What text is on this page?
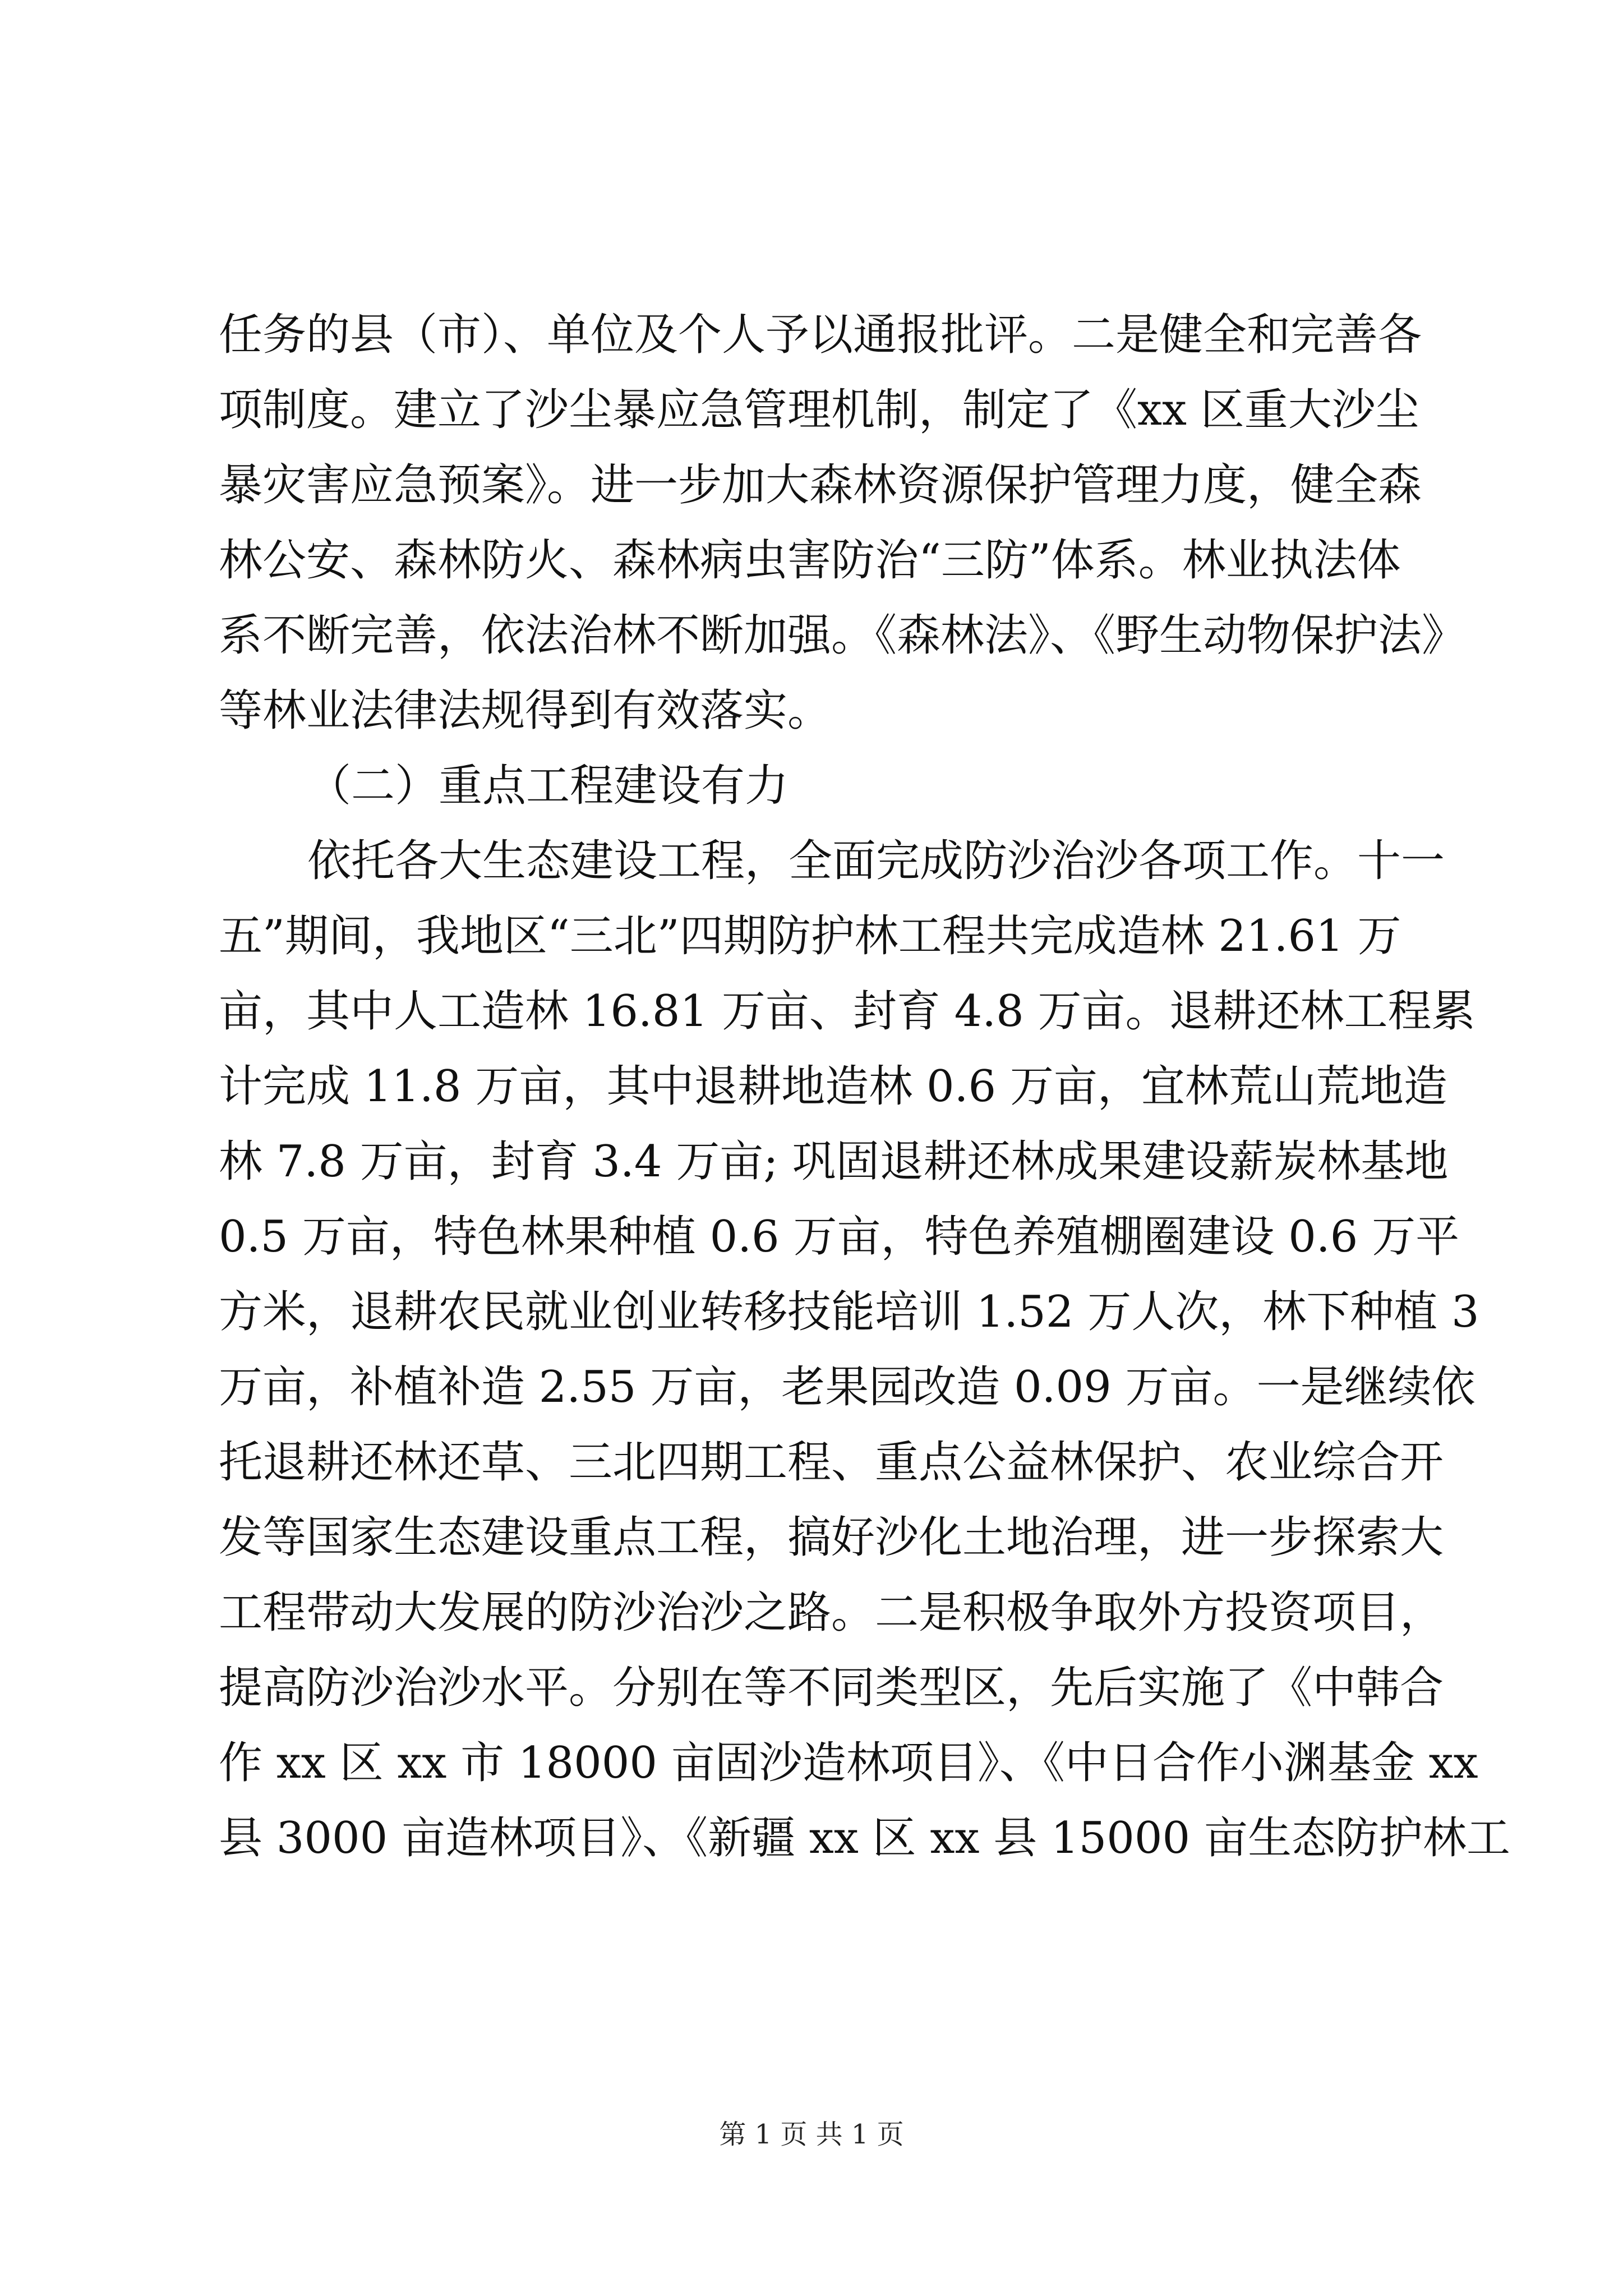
任务的县（市）、单位及个人予以通报批评。二是健全和完善各
项制度。建立了沙尘暴应急管理机制，制定了《xx 区重大沙尘
暴灾害应急预案》。进一步加大森林资源保护管理力度，健全森
林公安、森林防火、森林病虫害防治“三防”体系。林业执法体
系不断完善，依法治林不断加强。《森林法》、《野生动物保护法》
等林业法律法规得到有效落实。
（二）重点工程建设有力
依托各大生态建设工程，全面完成防沙治沙各项工作。十一
五”期间，我地区“三北”四期防护林工程共完成造林 21.61 万
亩，其中人工造林 16.81 万亩、封育 4.8 万亩。退耕还林工程累
计完成 11.8 万亩，其中退耕地造林 0.6 万亩，宜林荒山荒地造
林 7.8 万亩，封育 3.4 万亩; 巩固退耕还林成果建设薪炭林基地
0.5 万亩，特色林果种植 0.6 万亩，特色养殖棚圈建设 0.6 万平
方米，退耕农民就业创业转移技能培训 1.52 万人次，林下种植 3
万亩，补植补造 2.55 万亩，老果园改造 0.09 万亩。一是继续依
托退耕还林还草、三北四期工程、重点公益林保护、农业综合开
发等国家生态建设重点工程，搞好沙化土地治理，进一步探索大
工程带动大发展的防沙治沙之路。二是积极争取外方投资项目，
提高防沙治沙水平。分别在等不同类型区，先后实施了《中韩合
作 xx 区 xx 市 18000 亩固沙造林项目》、《中日合作小渊基金 xx
县 3000 亩造林项目》、《新疆 xx 区 xx 县 15000 亩生态防护林工
第 1 页 共 1 页
